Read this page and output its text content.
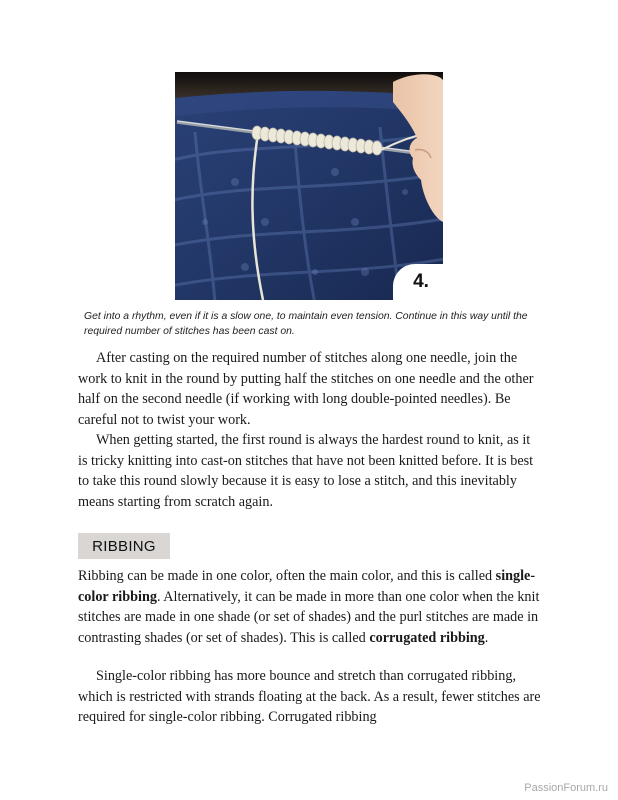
4.

Get into a rhythm, even if it is a slow one, to maintain even tension. Continue in this way until the required number of stitches has been cast on.

After casting on the required number of stitches along one needle, join the work to knit in the round by putting half the stitches on one needle and the other half on the second needle (if working with long double-pointed needles). Be careful not to twist your work.

When getting started, the first round is always the hardest round to knit, as it is tricky knitting into cast-on stitches that have not been knitted before. It is best to take this round slowly because it is easy to lose a stitch, and this inevitably means starting from scratch again.

RIBBING

Ribbing can be made in one color, often the main color, and this is called single-color ribbing. Alternatively, it can be made in more than one color when the knit stitches are made in one shade (or set of shades) and the purl stitches are made in contrasting shades (or set of shades). This is called corrugated ribbing.

Single-color ribbing has more bounce and stretch than corrugated ribbing, which is restricted with strands floating at the back. As a result, fewer stitches are required for single-color ribbing. Corrugated ribbing

PassionForum.ru
